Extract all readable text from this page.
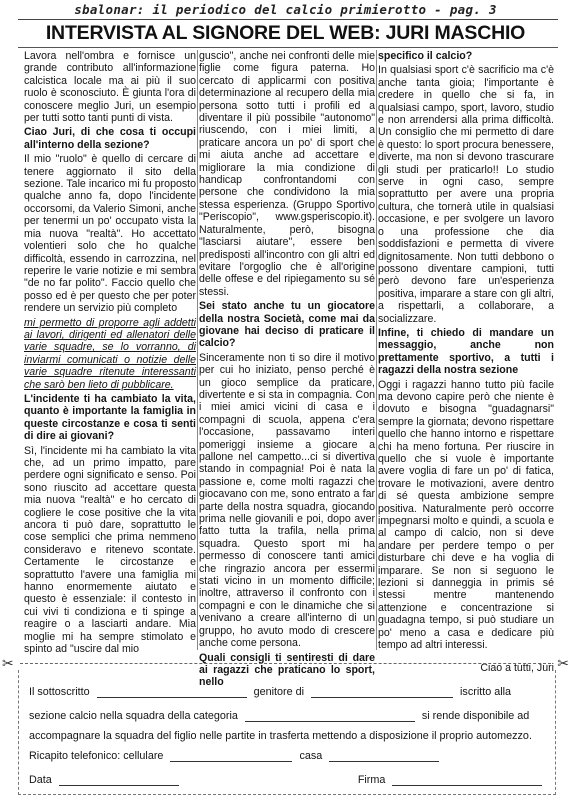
sbalonar: il periodico del calcio primierotto - pag. 3
INTERVISTA AL SIGNORE DEL WEB: JURI MASCHIO

Lavora nell'ombra e fornisce un grande contributo all'informazione calcistica locale ma ai più il suo ruolo è sconosciuto. È giunta l'ora di conoscere meglio Juri, un esempio per tutti sotto tanti punti di vista.

Ciao Juri, di che cosa ti occupi all'interno della sezione?

Il mio "ruolo" è quello di cercare di tenere aggiornato il sito della sezione. Tale incarico mi fu proposto qualche anno fa, dopo l'incidente occorsomi, da Valerio Simoni, anche per tenermi un po' occupato vista la mia nuova "realtà". Ho accettato volentieri solo che ho qualche difficoltà, essendo in carrozzina, nel reperire le varie notizie e mi sembra "de no far polito". Faccio quello che posso ed è per questo che per poter rendere un servizio più completo

mi permetto di proporre agli addetti ai lavori, dirigenti ed allenatori delle varie squadre, se lo vorranno, di inviarmi comunicati o notizie delle varie squadre ritenute interessanti che sarò ben lieto di pubblicare.

L'incidente ti ha cambiato la vita, quanto è importante la famiglia in queste circostanze e cosa ti senti di dire ai giovani?

Sì, l'incidente mi ha cambiato la vita che, ad un primo impatto, pare perdere ogni significato e senso. Poi sono riuscito ad accettare questa mia nuova "realtà" e ho cercato di cogliere le cose positive che la vita ancora ti può dare, soprattutto le cose semplici che prima nemmeno consideravo e ritenevo scontate. Certamente le circostanze e soprattutto l'avere una famiglia mi hanno enormemente aiutato e questo è essenziale: il contesto in cui vivi ti condiziona e ti spinge a reagire o a lasciarti andare. Mia moglie mi ha sempre stimolato e spinto ad "uscire dal mio

guscio", anche nei confronti delle mie figlie come figura paterna. Ho cercato di applicarmi con positiva determinazione al recupero della mia persona sotto tutti i profili ed a diventare il più possibile "autonomo" riuscendo, con i miei limiti, a praticare ancora un po' di sport che mi aiuta anche ad accettare e migliorare la mia condizione di handicap confrontandomi con persone che condividono la mia stessa esperienza. (Gruppo Sportivo "Periscopio", www.gsperiscopio.it). Naturalmente, però, bisogna "lasciarsi aiutare", essere ben predisposti all'incontro con gli altri ed evitare l'orgoglio che è all'origine delle offese e del ripiegamento su sé stessi.

Sei stato anche tu un giocatore della nostra Società, come mai da giovane hai deciso di praticare il calcio?

Sinceramente non ti so dire il motivo per cui ho iniziato, penso perché è un gioco semplice da praticare, divertente e si sta in compagnia. Con i miei amici vicini di casa e i compagni di scuola, appena c'era l'occasione, passavamo interi pomeriggi insieme a giocare a pallone nel campetto...ci si divertiva stando in compagnia! Poi è nata la passione e, come molti ragazzi che giocavano con me, sono entrato a far parte della nostra squadra, giocando prima nelle giovanili e poi, dopo aver fatto tutta la trafila, nella prima squadra. Questo sport mi ha permesso di conoscere tanti amici che ringrazio ancora per essermi stati vicino in un momento difficile; inoltre, attraverso il confronto con i compagni e con le dinamiche che si venivano a creare all'interno di un gruppo, ho avuto modo di crescere anche come persona.

Quali consigli ti sentiresti di dare ai ragazzi che praticano lo sport, nello

specifico il calcio?

In qualsiasi sport c'è sacrificio ma c'è anche tanta gioia; l'importante è credere in quello che si fa, in qualsiasi campo, sport, lavoro, studio e non arrendersi alla prima difficoltà. Un consiglio che mi permetto di dare è questo: lo sport procura benessere, diverte, ma non si devono trascurare gli studi per praticarlo!! Lo studio serve in ogni caso, sempre soprattutto per avere una propria cultura, che tornerà utile in qualsiasi occasione, e per svolgere un lavoro o una professione che dia soddisfazioni e permetta di vivere dignitosamente. Non tutti debbono o possono diventare campioni, tutti però devono fare un'esperienza positiva, imparare a stare con gli altri, a rispettarli, a collaborare, a socializzare.

Infine, ti chiedo di mandare un messaggio, anche non prettamente sportivo, a tutti i ragazzi della nostra sezione

Oggi i ragazzi hanno tutto più facile ma devono capire però che niente è dovuto e bisogna "guadagnarsi" sempre la giornata; devono rispettare quello che hanno intorno e rispettare chi ha meno fortuna. Per riuscire in quello che si vuole è importante avere voglia di fare un po' di fatica, trovare le motivazioni, avere dentro di sé questa ambizione sempre positiva. Naturalmente però occorre impegnarsi molto e quindi, a scuola e al campo di calcio, non si deve andare per perdere tempo o per disturbare chi deve e ha voglia di imparare. Se non si seguono le lezioni si danneggia in primis sé stessi mentre mantenendo attenzione e concentrazione si guadagna tempo, si può studiare un po' meno a casa e dedicare più tempo ad altri interessi.

Ciao a tutti, Juri

✂	✂
Il sottoscritto	genitore di	iscritto alla
sezione calcio nella squadra della categoria	si rende disponibile ad
accompagnare la squadra del figlio nelle partite in trasferta mettendo a disposizione il proprio automezzo.
Ricapito telefonico: cellulare	casa
Data	Firma
